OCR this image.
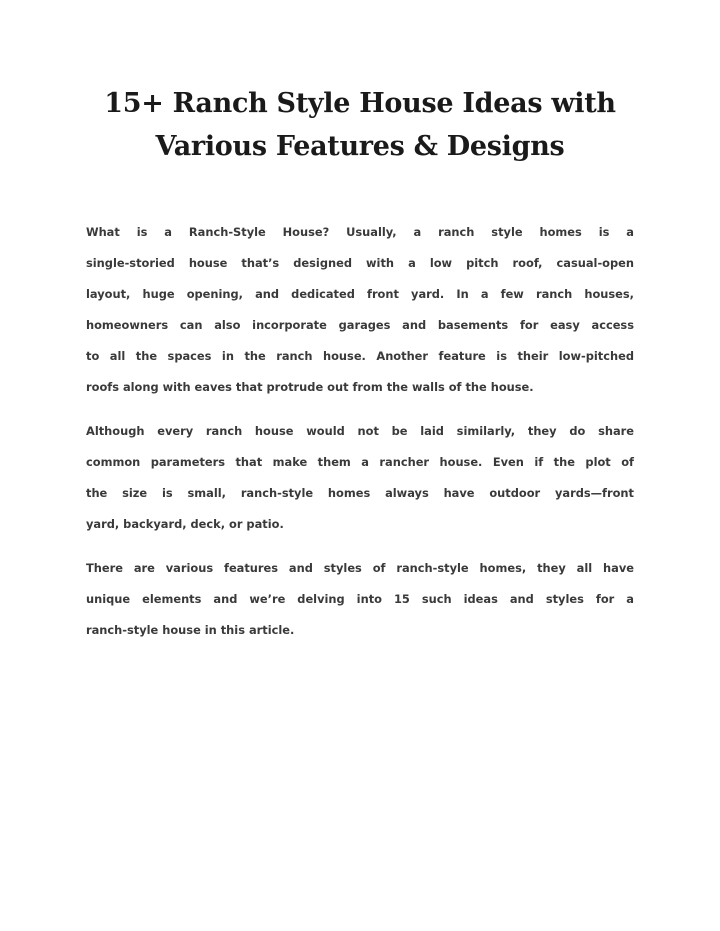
15+ Ranch Style House Ideas with
Various Features & Designs

What is a Ranch-Style House? Usually, a ranch style homes is a
single-storied house that’s designed with a low pitch roof, casual-open
layout, huge opening, and dedicated front yard. In a few ranch houses,
homeowners can also incorporate garages and basements for easy access
to all the spaces in the ranch house. Another feature is their low-pitched
roofs along with eaves that protrude out from the walls of the house.

Although every ranch house would not be laid similarly, they do share
common parameters that make them a rancher house. Even if the plot of
the size is small, ranch-style homes always have outdoor yards—front
yard, backyard, deck, or patio.

There are various features and styles of ranch-style homes, they all have
unique elements and we’re delving into 15 such ideas and styles for a
ranch-style house in this article.
